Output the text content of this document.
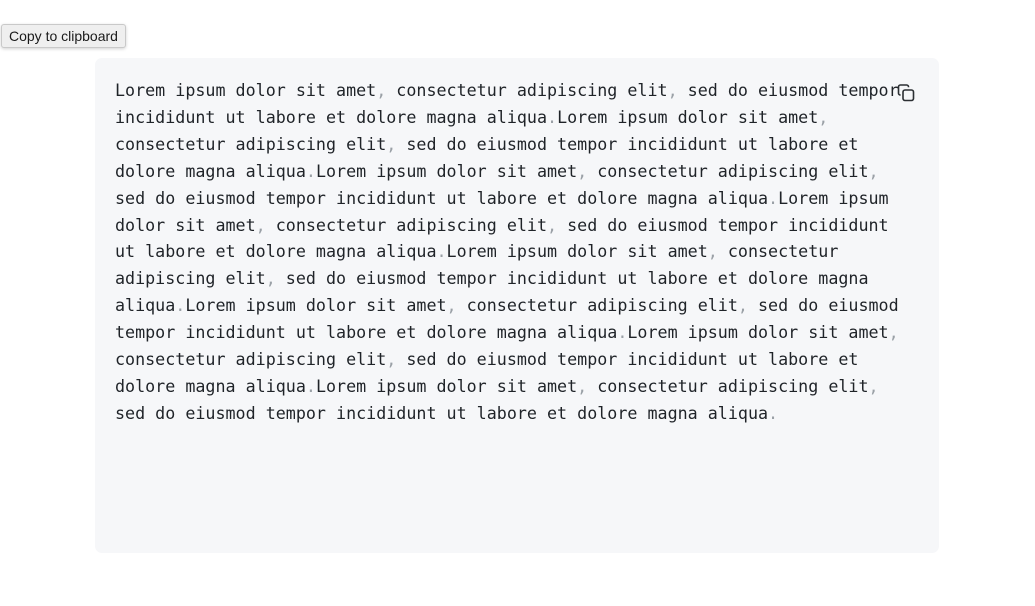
Copy to clipboard

Lorem ipsum dolor sit amet, consectetur adipiscing elit, sed do eiusmod tempor incididunt ut labore et dolore magna aliqua.Lorem ipsum dolor sit amet, consectetur adipiscing elit, sed do eiusmod tempor incididunt ut labore et dolore magna aliqua.Lorem ipsum dolor sit amet, consectetur adipiscing elit, sed do eiusmod tempor incididunt ut labore et dolore magna aliqua.Lorem ipsum dolor sit amet, consectetur adipiscing elit, sed do eiusmod tempor incididunt ut labore et dolore magna aliqua.Lorem ipsum dolor sit amet, consectetur adipiscing elit, sed do eiusmod tempor incididunt ut labore et dolore magna aliqua.Lorem ipsum dolor sit amet, consectetur adipiscing elit, sed do eiusmod tempor incididunt ut labore et dolore magna aliqua.Lorem ipsum dolor sit amet, consectetur adipiscing elit, sed do eiusmod tempor incididunt ut labore et dolore magna aliqua.Lorem ipsum dolor sit amet, consectetur adipiscing elit, sed do eiusmod tempor incididunt ut labore et dolore magna aliqua.
